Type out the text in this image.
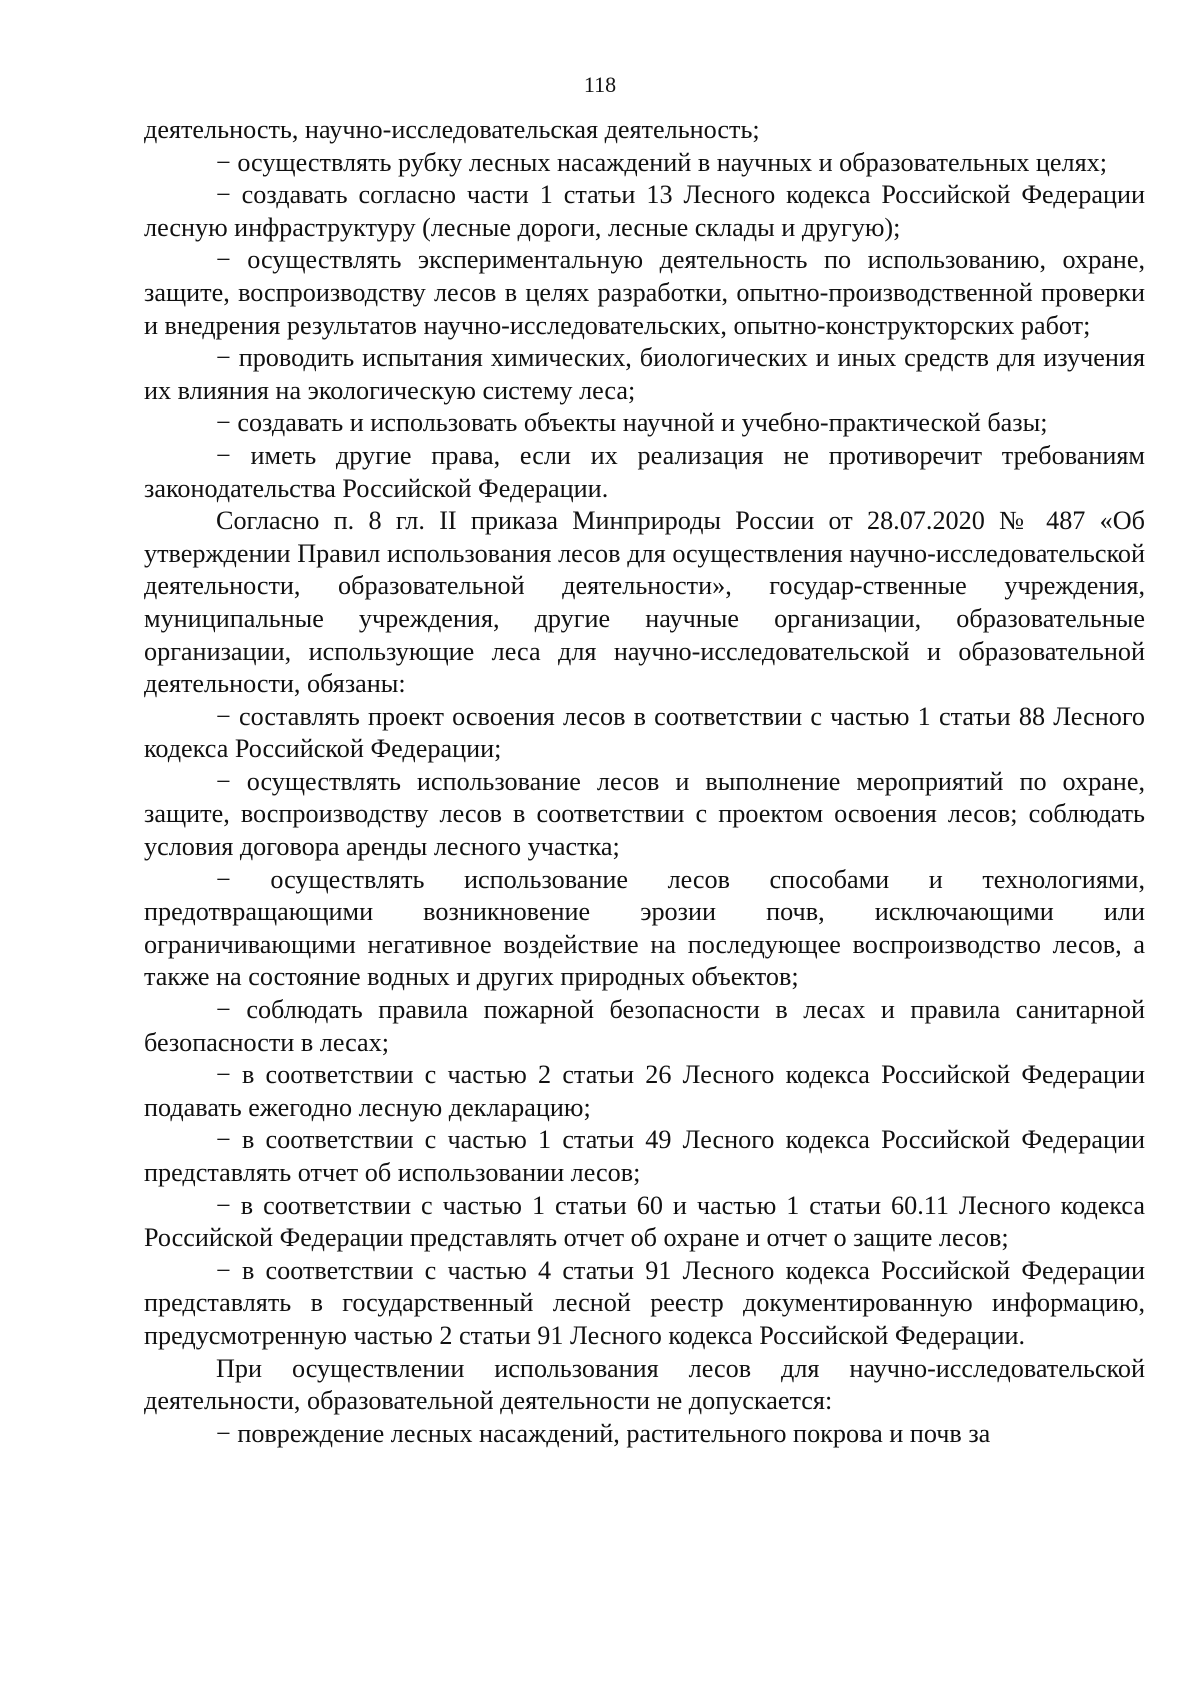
118

деятельность, научно-исследовательская деятельность;

− осуществлять рубку лесных насаждений в научных и образовательных целях;

− создавать согласно части 1 статьи 13 Лесного кодекса Российской Федерации лесную инфраструктуру (лесные дороги, лесные склады и другую);

− осуществлять экспериментальную деятельность по использованию, охране, защите, воспроизводству лесов в целях разработки, опытно-производственной проверки и внедрения результатов научно-исследовательских, опытно-конструкторских работ;

− проводить испытания химических, биологических и иных средств для изучения их влияния на экологическую систему леса;

− создавать и использовать объекты научной и учебно-практической базы;

− иметь другие права, если их реализация не противоречит требованиям законодательства Российской Федерации.

Согласно п. 8 гл. II приказа Минприроды России от 28.07.2020 № 487 «Об утверждении Правил использования лесов для осуществления научно-исследовательской деятельности, образовательной деятельности», государ-ственные учреждения, муниципальные учреждения, другие научные организации, образовательные организации, использующие леса для научно-исследовательской и образовательной деятельности, обязаны:

− составлять проект освоения лесов в соответствии с частью 1 статьи 88 Лесного кодекса Российской Федерации;

− осуществлять использование лесов и выполнение мероприятий по охране, защите, воспроизводству лесов в соответствии с проектом освоения лесов; соблюдать условия договора аренды лесного участка;

− осуществлять использование лесов способами и технологиями, предотвращающими возникновение эрозии почв, исключающими или ограничивающими негативное воздействие на последующее воспроизводство лесов, а также на состояние водных и других природных объектов;

− соблюдать правила пожарной безопасности в лесах и правила санитарной безопасности в лесах;

− в соответствии с частью 2 статьи 26 Лесного кодекса Российской Федерации подавать ежегодно лесную декларацию;

− в соответствии с частью 1 статьи 49 Лесного кодекса Российской Федерации представлять отчет об использовании лесов;

− в соответствии с частью 1 статьи 60 и частью 1 статьи 60.11 Лесного кодекса Российской Федерации представлять отчет об охране и отчет о защите лесов;

− в соответствии с частью 4 статьи 91 Лесного кодекса Российской Федерации представлять в государственный лесной реестр документированную информацию, предусмотренную частью 2 статьи 91 Лесного кодекса Российской Федерации.

При осуществлении использования лесов для научно-исследовательской деятельности, образовательной деятельности не допускается:

− повреждение лесных насаждений, растительного покрова и почв за
